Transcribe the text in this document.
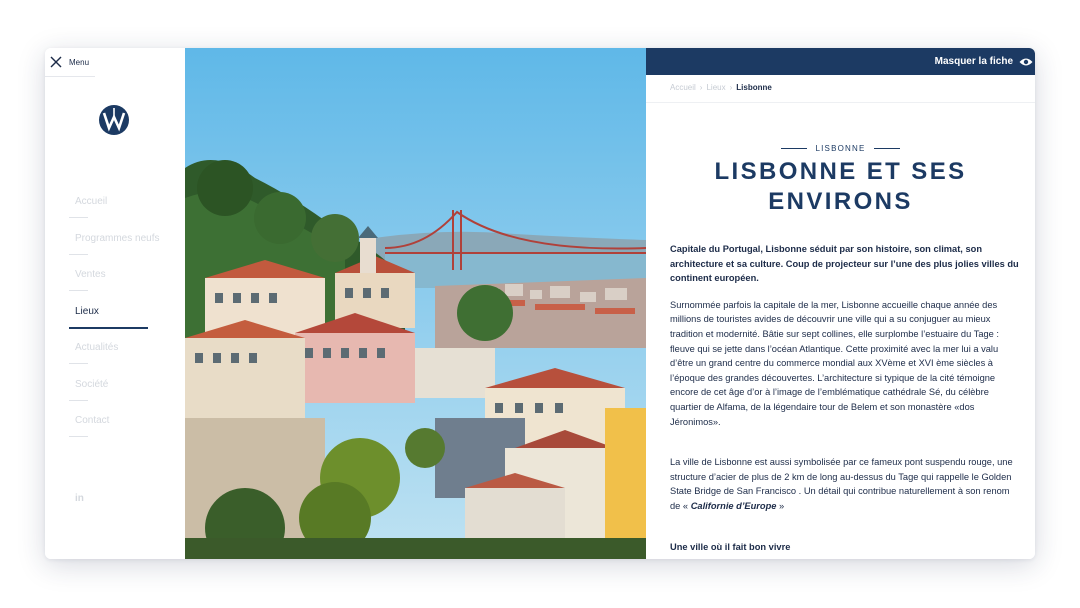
Menu
Accueil
Programmes neufs
Ventes
Lieux
Actualités
Société
Contact
in
Masquer la fiche
Accueil › Lieux › Lisbonne
LISBONNE
LISBONNE ET SES ENVIRONS
Capitale du Portugal, Lisbonne séduit par son histoire, son climat, son architecture et sa culture. Coup de projecteur sur l’une des plus jolies villes du continent européen.

Surnommée parfois la capitale de la mer, Lisbonne accueille chaque année des millions de touristes avides de découvrir une ville qui a su conjuguer au mieux tradition et modernité. Bâtie sur sept collines, elle surplombe l’estuaire du Tage : fleuve qui se jette dans l’océan Atlantique. Cette proximité avec la mer lui a valu d’être un grand centre du commerce mondial aux XVème et XVI ème siècles à l’époque des grandes découvertes. L’architecture si typique de la cité témoigne encore de cet âge d’or à l’image de l’emblématique cathédrale Sé, du célèbre quartier de Alfama, de la légendaire tour de Belem et son monastère «dos Jéronimos».

La ville de Lisbonne est aussi symbolisée par ce fameux pont suspendu rouge, une structure d’acier de plus de 2 km de long au-dessus du Tage qui rappelle le Golden State Bridge de San Francisco . Un détail qui contribue naturellement à son renom de « Californie d’Europe »

Une ville où il fait bon vivre
